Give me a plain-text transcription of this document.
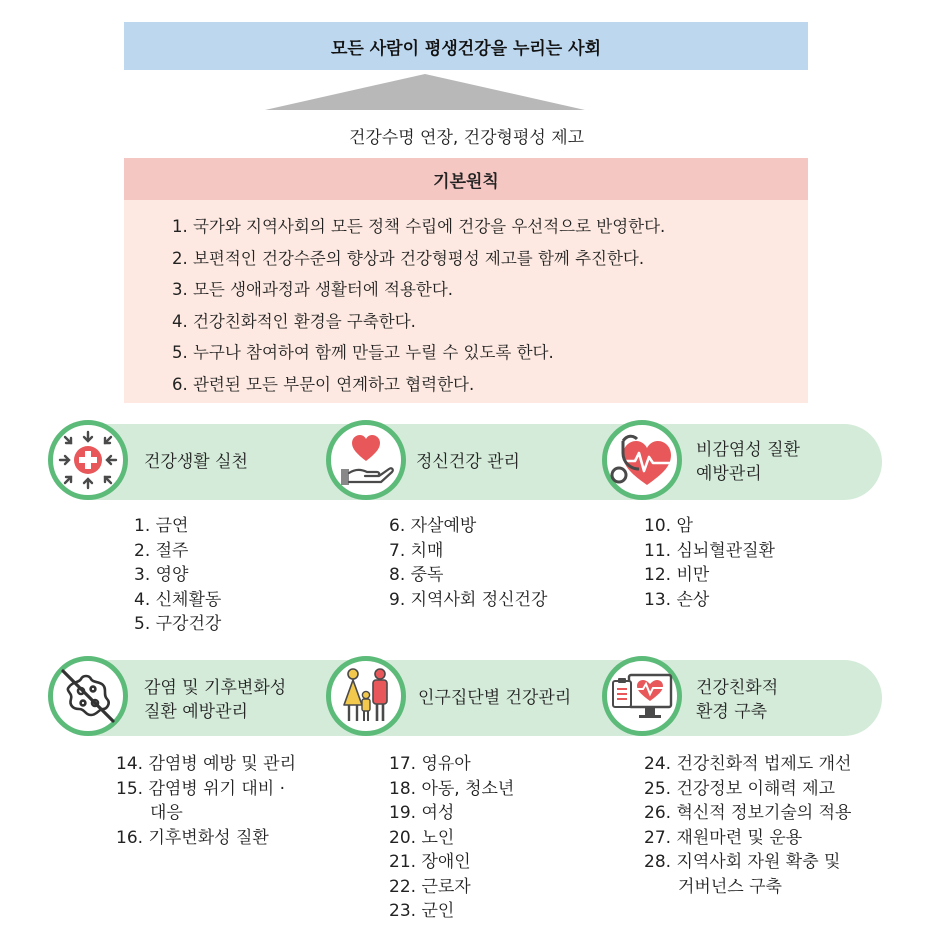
모든 사람이 평생건강을 누리는 사회
건강수명 연장, 건강형평성 제고
기본원칙
1. 국가와 지역사회의 모든 정책 수립에 건강을 우선적으로 반영한다.
2. 보편적인 건강수준의 향상과 건강형평성 제고를 함께 추진한다.
3. 모든 생애과정과 생활터에 적용한다.
4. 건강친화적인 환경을 구축한다.
5. 누구나 참여하여 함께 만들고 누릴 수 있도록 한다.
6. 관련된 모든 부문이 연계하고 협력한다.
건강생활 실천	정신건강 관리
비감염성 질환
예방관리
감염 및 기후변화성
질환 예방관리
인구집단별 건강관리	건강친화적
환경 구축
1. 금연
2. 절주
3. 영양
4. 신체활동
5. 구강건강
6. 자살예방
7. 치매
8. 중독
9. 지역사회 정신건강
10. 암
11. 심뇌혈관질환
12. 비만
13. 손상
14. 감염병 예방 및 관리
15. 감염병 위기 대비 ·
대응
16. 기후변화성 질환
17. 영유아
18. 아동, 청소년
19. 여성
20. 노인
21. 장애인
22. 근로자
23. 군인
24. 건강친화적 법제도 개선
25. 건강정보 이해력 제고
26. 혁신적 정보기술의 적용
27. 재원마련 및 운용
28. 지역사회 자원 확충 및
거버넌스 구축
